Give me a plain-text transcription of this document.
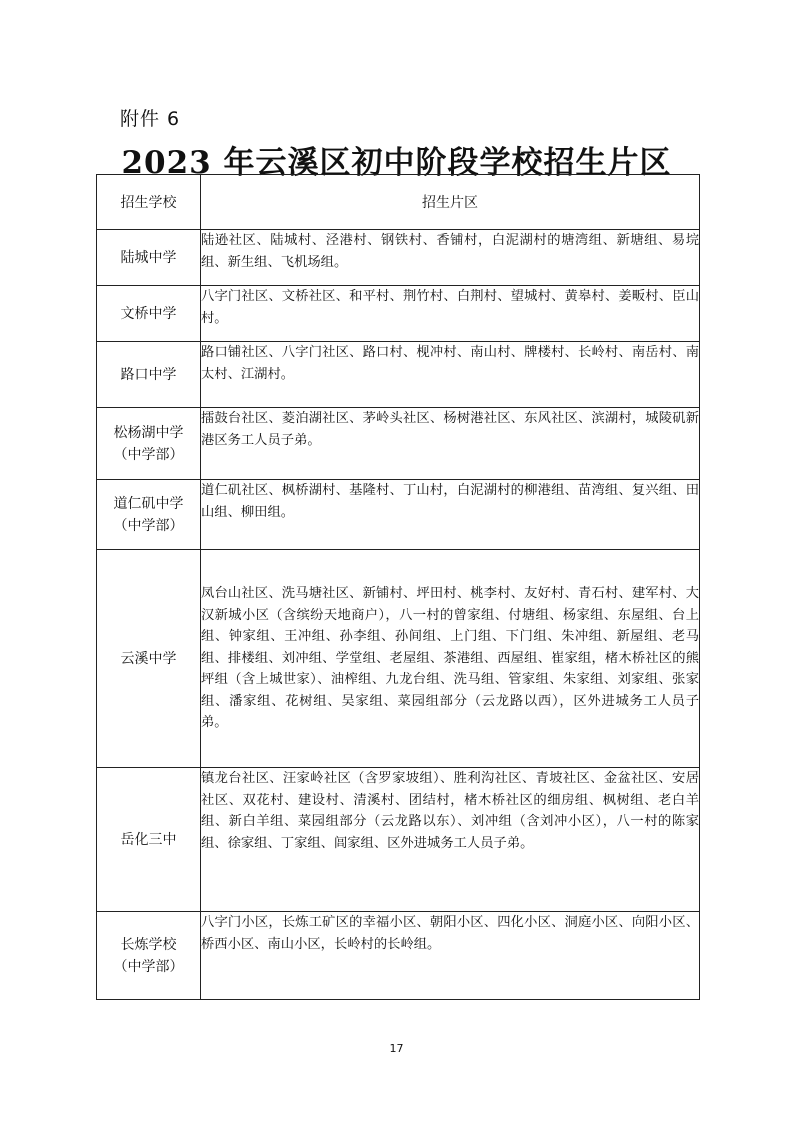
附件 6
2023 年云溪区初中阶段学校招生片区
招生学校	招生片区

陆城中学	陆逊社区、陆城村、泾港村、钢铁村、香铺村，白泥湖村的塘湾组、新塘组、易垸组、新生组、飞机场组。

文桥中学	八字门社区、文桥社区、和平村、荆竹村、白荆村、望城村、黄皋村、姜畈村、臣山村。

路口中学	路口铺社区、八字门社区、路口村、枧冲村、南山村、牌楼村、长岭村、南岳村、南太村、江湖村。

松杨湖中学
（中学部）	擂鼓台社区、菱泊湖社区、茅岭头社区、杨树港社区、东风社区、滨湖村，城陵矶新港区务工人员子弟。

道仁矶中学
（中学部）	道仁矶社区、枫桥湖村、基隆村、丁山村，白泥湖村的柳港组、苗湾组、复兴组、田山组、柳田组。

云溪中学	凤台山社区、洗马塘社区、新铺村、坪田村、桃李村、友好村、青石村、建军村、大汉新城小区（含缤纷天地商户），八一村的曾家组、付塘组、杨家组、东屋组、台上组、钟家组、王冲组、孙李组、孙间组、上门组、下门组、朱冲组、新屋组、老马组、排楼组、刘冲组、学堂组、老屋组、茶港组、西屋组、崔家组，楮木桥社区的熊坪组（含上城世家）、油榨组、九龙台组、洗马组、管家组、朱家组、刘家组、张家组、潘家组、花树组、吴家组、菜园组部分（云龙路以西），区外进城务工人员子弟。

岳化三中	镇龙台社区、汪家岭社区（含罗家坡组）、胜利沟社区、青坡社区、金盆社区、安居社区、双花村、建设村、清溪村、团结村，楮木桥社区的细房组、枫树组、老白羊组、新白羊组、菜园组部分（云龙路以东）、刘冲组（含刘冲小区），八一村的陈家组、徐家组、丁家组、闾家组、区外进城务工人员子弟。

长炼学校
（中学部）	八字门小区，长炼工矿区的幸福小区、朝阳小区、四化小区、洞庭小区、向阳小区、桥西小区、南山小区，长岭村的长岭组。
17
